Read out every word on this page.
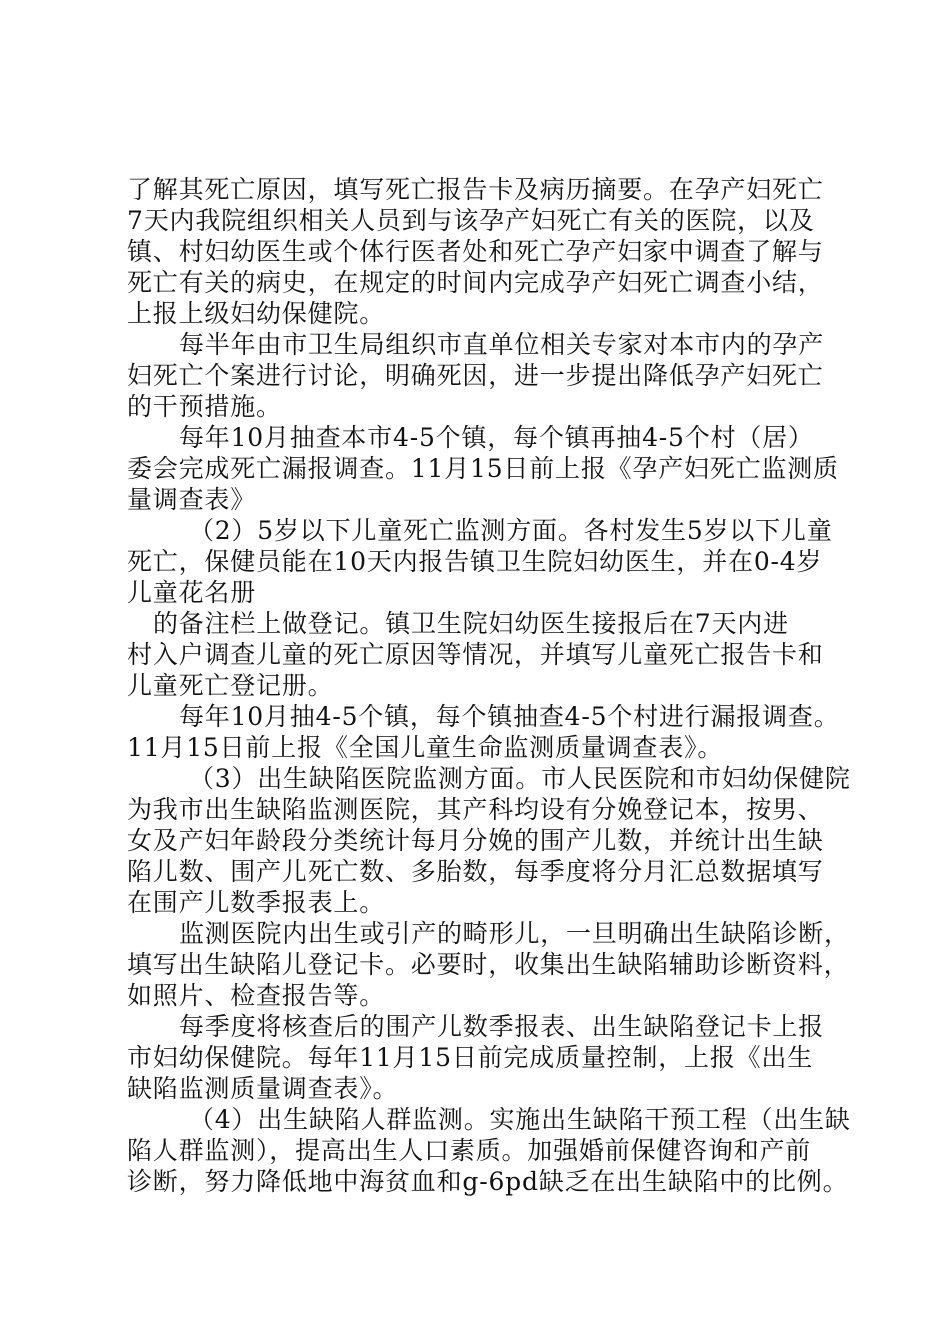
了解其死亡原因，填写死亡报告卡及病历摘要。在孕产妇死亡
7天内我院组织相关人员到与该孕产妇死亡有关的医院，以及
镇、村妇幼医生或个体行医者处和死亡孕产妇家中调查了解与
死亡有关的病史，在规定的时间内完成孕产妇死亡调查小结，
上报上级妇幼保健院。
每半年由市卫生局组织市直单位相关专家对本市内的孕产
妇死亡个案进行讨论，明确死因，进一步提出降低孕产妇死亡
的干预措施。
每年10月抽查本市4-5个镇，每个镇再抽4-5个村（居）
委会完成死亡漏报调查。11月15日前上报《孕产妇死亡监测质
量调查表》
（2）5岁以下儿童死亡监测方面。各村发生5岁以下儿童
死亡，保健员能在10天内报告镇卫生院妇幼医生，并在0-4岁
儿童花名册
的备注栏上做登记。镇卫生院妇幼医生接报后在7天内进
村入户调查儿童的死亡原因等情况，并填写儿童死亡报告卡和
儿童死亡登记册。
每年10月抽4-5个镇，每个镇抽查4-5个村进行漏报调查。
11月15日前上报《全国儿童生命监测质量调查表》。
（3）出生缺陷医院监测方面。市人民医院和市妇幼保健院
为我市出生缺陷监测医院，其产科均设有分娩登记本，按男、
女及产妇年龄段分类统计每月分娩的围产儿数，并统计出生缺
陷儿数、围产儿死亡数、多胎数，每季度将分月汇总数据填写
在围产儿数季报表上。
监测医院内出生或引产的畸形儿，一旦明确出生缺陷诊断，
填写出生缺陷儿登记卡。必要时，收集出生缺陷辅助诊断资料，
如照片、检查报告等。
每季度将核查后的围产儿数季报表、出生缺陷登记卡上报
市妇幼保健院。每年11月15日前完成质量控制，上报《出生
缺陷监测质量调查表》。
（4）出生缺陷人群监测。实施出生缺陷干预工程（出生缺
陷人群监测），提高出生人口素质。加强婚前保健咨询和产前
诊断，努力降低地中海贫血和g-6pd缺乏在出生缺陷中的比例。
